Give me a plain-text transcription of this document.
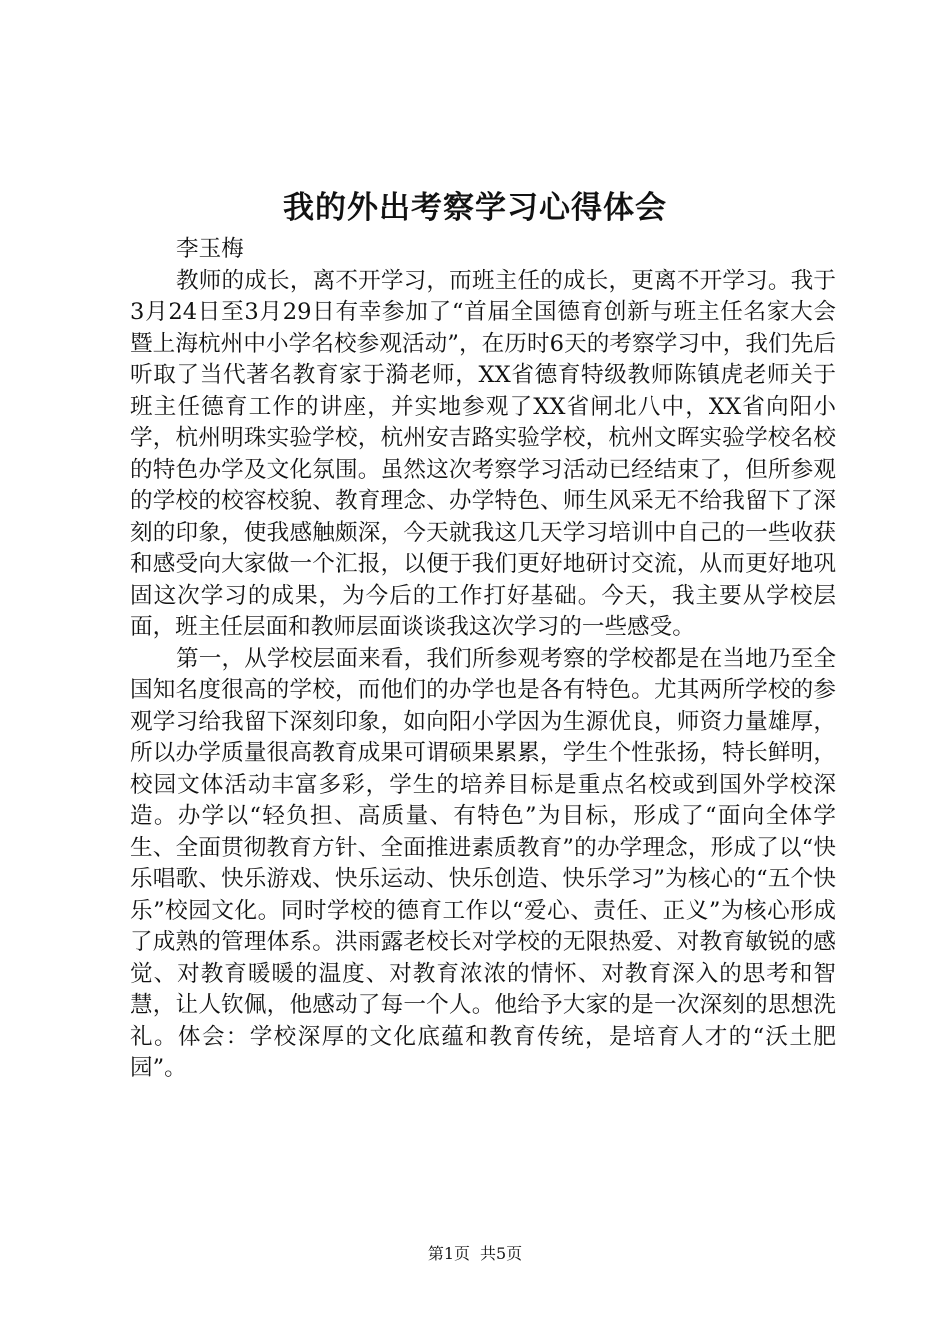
我的外出考察学习心得体会

李玉梅

教师的成长，离不开学习，而班主任的成长，更离不开学习。我于3月24日至3月29日有幸参加了“首届全国德育创新与班主任名家大会暨上海杭州中小学名校参观活动”，在历时6天的考察学习中，我们先后听取了当代著名教育家于漪老师，XX省德育特级教师陈镇虎老师关于班主任德育工作的讲座，并实地参观了XX省闸北八中，XX省向阳小学，杭州明珠实验学校，杭州安吉路实验学校，杭州文晖实验学校名校的特色办学及文化氛围。虽然这次考察学习活动已经结束了，但所参观的学校的校容校貌、教育理念、办学特色、师生风采无不给我留下了深刻的印象，使我感触颇深，今天就我这几天学习培训中自己的一些收获和感受向大家做一个汇报，以便于我们更好地研讨交流，从而更好地巩固这次学习的成果，为今后的工作打好基础。今天，我主要从学校层面，班主任层面和教师层面谈谈我这次学习的一些感受。

第一，从学校层面来看，我们所参观考察的学校都是在当地乃至全国知名度很高的学校，而他们的办学也是各有特色。尤其两所学校的参观学习给我留下深刻印象，如向阳小学因为生源优良，师资力量雄厚，所以办学质量很高教育成果可谓硕果累累，学生个性张扬，特长鲜明，校园文体活动丰富多彩，学生的培养目标是重点名校或到国外学校深造。办学以“轻负担、高质量、有特色”为目标，形成了“面向全体学生、全面贯彻教育方针、全面推进素质教育”的办学理念，形成了以“快乐唱歌、快乐游戏、快乐运动、快乐创造、快乐学习”为核心的“五个快乐”校园文化。同时学校的德育工作以“爱心、责任、正义”为核心形成了成熟的管理体系。洪雨露老校长对学校的无限热爱、对教育敏锐的感觉、对教育暖暖的温度、对教育浓浓的情怀、对教育深入的思考和智慧，让人钦佩，他感动了每一个人。他给予大家的是一次深刻的思想洗礼。体会：学校深厚的文化底蕴和教育传统，是培育人才的“沃土肥园”。

第1页 共5页
